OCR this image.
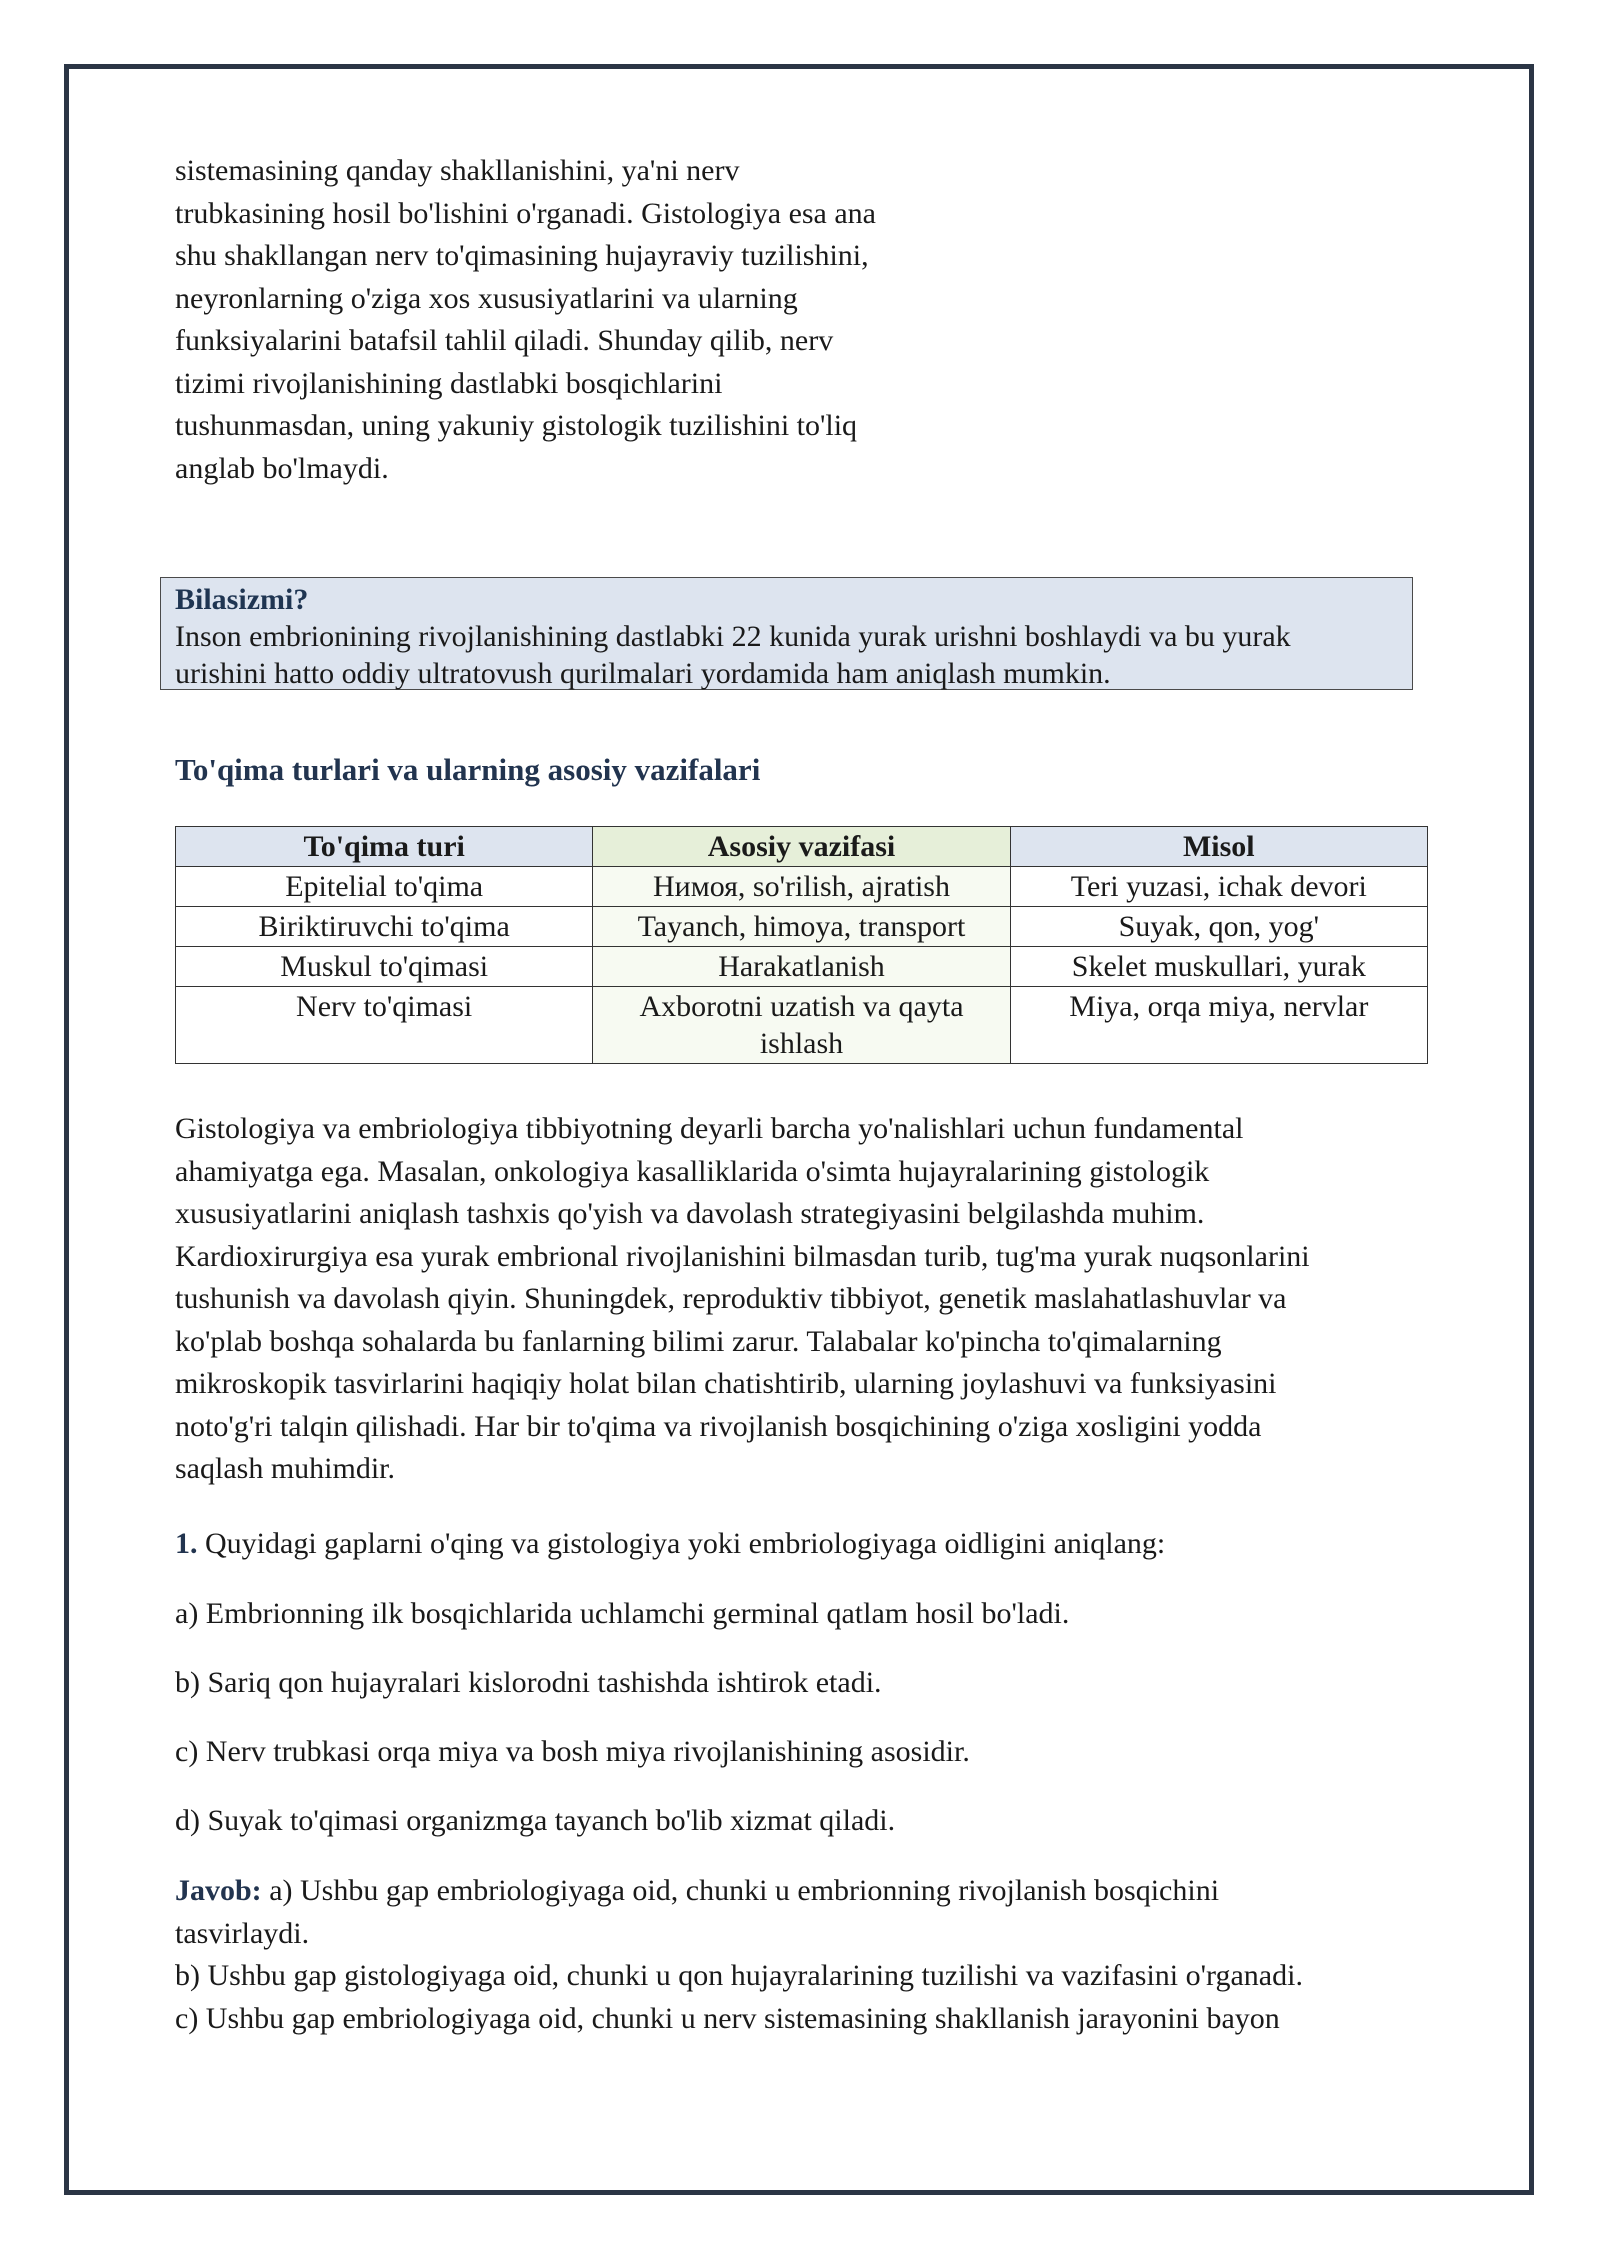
sistemasining qanday shakllanishini, ya'ni nerv
trubkasining hosil bo'lishini o'rganadi. Gistologiya esa ana
shu shakllangan nerv to'qimasining hujayraviy tuzilishini,
neyronlarning o'ziga xos xususiyatlarini va ularning
funksiyalarini batafsil tahlil qiladi. Shunday qilib, nerv
tizimi rivojlanishining dastlabki bosqichlarini
tushunmasdan, uning yakuniy gistologik tuzilishini to'liq
anglab bo'lmaydi.
Bilasizmi?
Inson embrionining rivojlanishining dastlabki 22 kunida yurak urishni boshlaydi va bu yurak
urishini hatto oddiy ultratovush qurilmalari yordamida ham aniqlash mumkin.
To'qima turlari va ularning asosiy vazifalari
To'qima turi	Asosiy vazifasi	Misol
Epitelial to'qima	Нимоя, so'rilish, ajratish	Teri yuzasi, ichak devori
Biriktiruvchi to'qima	Tayanch, himoya, transport	Suyak, qon, yog'
Muskul to'qimasi	Harakatlanish	Skelet muskullari, yurak
Nerv to'qimasi	Axborotni uzatish va qayta ishlash	Miya, orqa miya, nervlar
Gistologiya va embriologiya tibbiyotning deyarli barcha yo'nalishlari uchun fundamental
ahamiyatga ega. Masalan, onkologiya kasalliklarida o'simta hujayralarining gistologik
xususiyatlarini aniqlash tashxis qo'yish va davolash strategiyasini belgilashda muhim.
Kardioxirurgiya esa yurak embrional rivojlanishini bilmasdan turib, tug'ma yurak nuqsonlarini
tushunish va davolash qiyin. Shuningdek, reproduktiv tibbiyot, genetik maslahatlashuvlar va
ko'plab boshqa sohalarda bu fanlarning bilimi zarur. Talabalar ko'pincha to'qimalarning
mikroskopik tasvirlarini haqiqiy holat bilan chatishtirib, ularning joylashuvi va funksiyasini
noto'g'ri talqin qilishadi. Har bir to'qima va rivojlanish bosqichining o'ziga xosligini yodda
saqlash muhimdir.
1. Quyidagi gaplarni o'qing va gistologiya yoki embriologiyaga oidligini aniqlang:
a) Embrionning ilk bosqichlarida uchlamchi germinal qatlam hosil bo'ladi.
b) Sariq qon hujayralari kislorodni tashishda ishtirok etadi.
c) Nerv trubkasi orqa miya va bosh miya rivojlanishining asosidir.
d) Suyak to'qimasi organizmga tayanch bo'lib xizmat qiladi.
Javob: a) Ushbu gap embriologiyaga oid, chunki u embrionning rivojlanish bosqichini
tasvirlaydi.
b) Ushbu gap gistologiyaga oid, chunki u qon hujayralarining tuzilishi va vazifasini o'rganadi.
c) Ushbu gap embriologiyaga oid, chunki u nerv sistemasining shakllanish jarayonini bayon
